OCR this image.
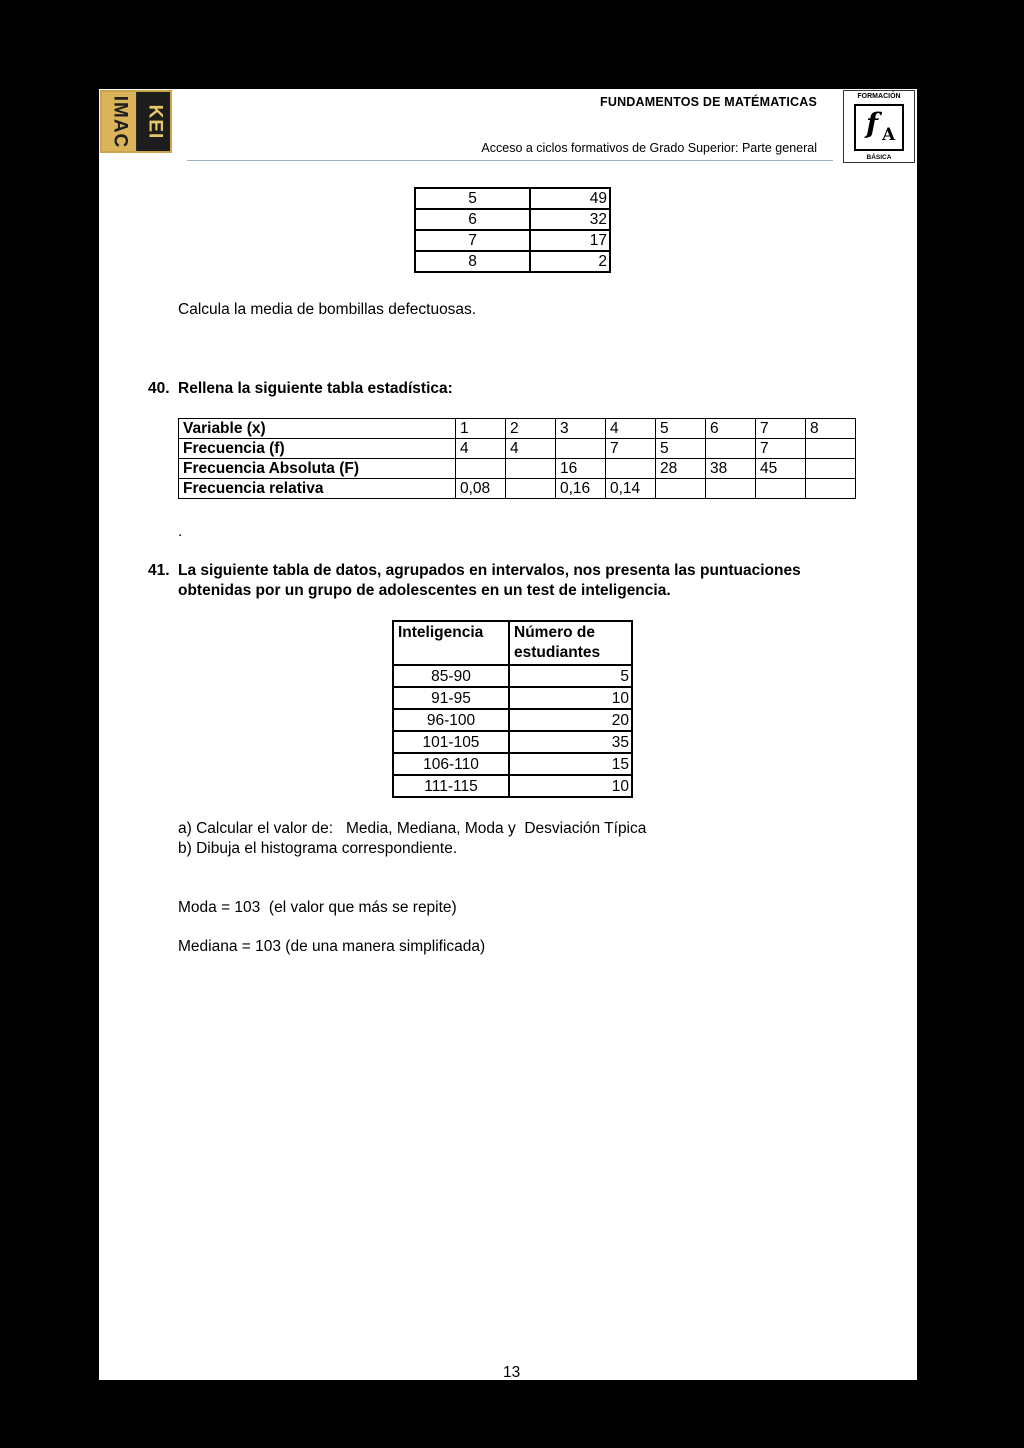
IMAC KEI
FUNDAMENTOS DE MATÉMATICAS
Acceso a ciclos formativos de Grado Superior: Parte general
FORMACIÓN
f A
BÁSICA
5	49
6	32
7	17
8	2
Calcula la media de bombillas defectuosas.
40. Rellena la siguiente tabla estadística:
Variable (x)	1	2	3	4	5	6	7	8
Frecuencia (f)	4	4		7	5		7	
Frecuencia Absoluta (F)			16		28	38	45	
Frecuencia relativa	0,08		0,16	0,14				
.
41. La siguiente tabla de datos, agrupados en intervalos, nos presenta las puntuaciones
obtenidas por un grupo de adolescentes en un test de inteligencia.
Inteligencia	Número de
estudiantes

85-90	5
91-95	10
96-100	20
101-105	35
106-110	15
111-115	10
a) Calcular el valor de:   Media, Mediana, Moda y  Desviación Típica
b) Dibuja el histograma correspondiente.
Moda = 103  (el valor que más se repite)
Mediana = 103 (de una manera simplificada)
13
